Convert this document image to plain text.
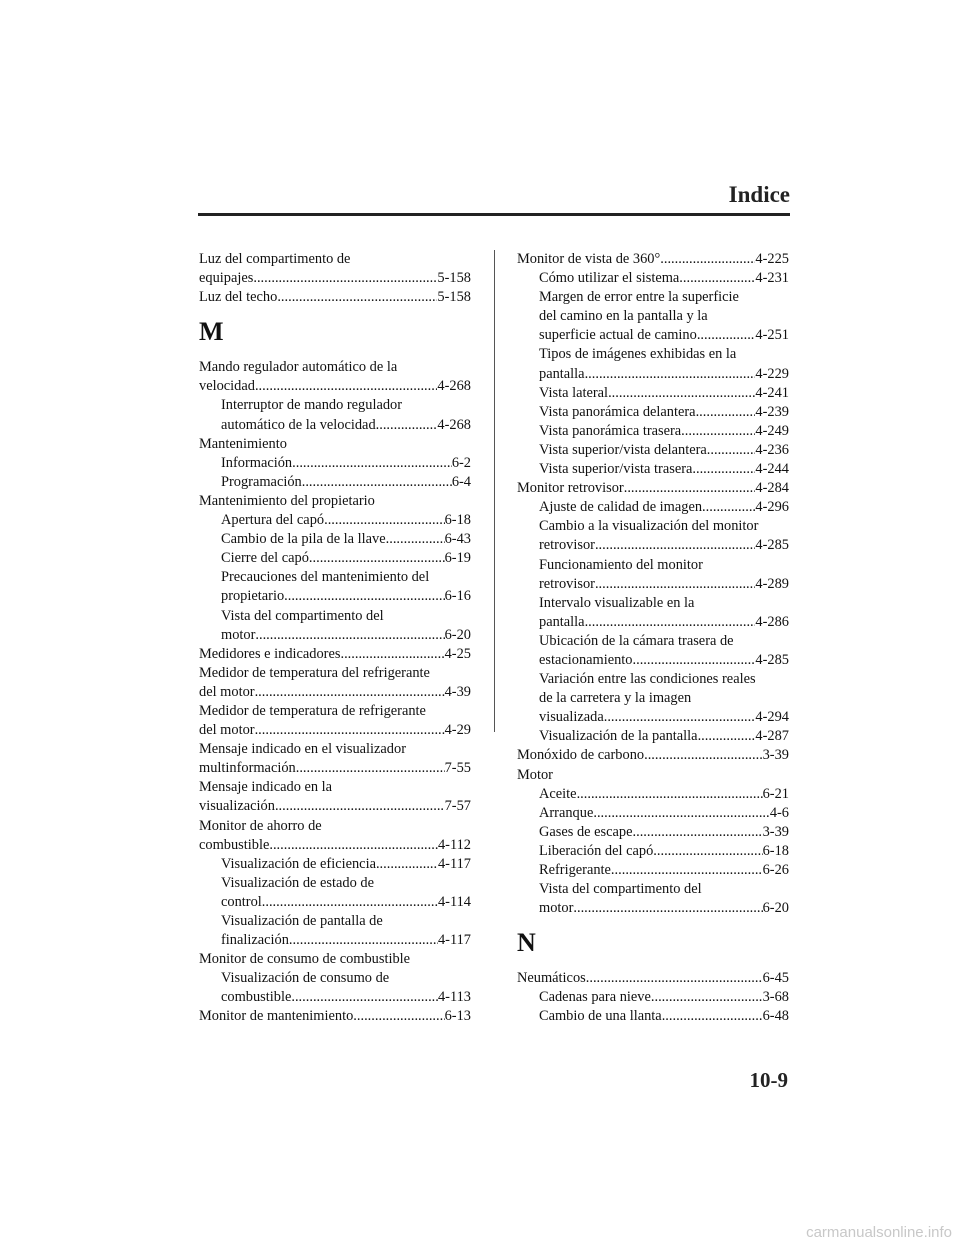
Indice
Luz del compartimento de
equipajes .....	5-158
Luz del techo .....	5-158
M
Mando regulador automático de la
velocidad .....	4-268
Interruptor de mando regulador
automático de la velocidad .....	4-268
Mantenimiento
Información .....	6-2
Programación .....	6-4
Mantenimiento del propietario
Apertura del capó .....	6-18
Cambio de la pila de la llave .....	6-43
Cierre del capó .....	6-19
Precauciones del mantenimiento del
propietario .....	6-16
Vista del compartimento del
motor .....	6-20
Medidores e indicadores .....	4-25
Medidor de temperatura del refrigerante
del motor .....	4-39
Medidor de temperatura de refrigerante
del motor .....	4-29
Mensaje indicado en el visualizador
multinformación .....	7-55
Mensaje indicado en la
visualización .....	7-57
Monitor de ahorro de
combustible .....	4-112
Visualización de eficiencia .....	4-117
Visualización de estado de
control .....	4-114
Visualización de pantalla de
finalización .....	4-117
Monitor de consumo de combustible
Visualización de consumo de
combustible .....	4-113
Monitor de mantenimiento .....	6-13
Monitor de vista de 360° .....	4-225
Cómo utilizar el sistema .....	4-231
Margen de error entre la superficie
del camino en la pantalla y la
superficie actual de camino .....	4-251
Tipos de imágenes exhibidas en la
pantalla .....	4-229
Vista lateral .....	4-241
Vista panorámica delantera .....	4-239
Vista panorámica trasera .....	4-249
Vista superior/vista delantera .....	4-236
Vista superior/vista trasera .....	4-244
Monitor retrovisor .....	4-284
Ajuste de calidad de imagen .....	4-296
Cambio a la visualización del monitor
retrovisor .....	4-285
Funcionamiento del monitor
retrovisor .....	4-289
Intervalo visualizable en la
pantalla .....	4-286
Ubicación de la cámara trasera de
estacionamiento .....	4-285
Variación entre las condiciones reales
de la carretera y la imagen
visualizada .....	4-294
Visualización de la pantalla .....	4-287
Monóxido de carbono .....	3-39
Motor
Aceite .....	6-21
Arranque .....	4-6
Gases de escape .....	3-39
Liberación del capó .....	6-18
Refrigerante .....	6-26
Vista del compartimento del
motor .....	6-20
N
Neumáticos .....	6-45
Cadenas para nieve .....	3-68
Cambio de una llanta .....	6-48
10-9
carmanualsonline.info
